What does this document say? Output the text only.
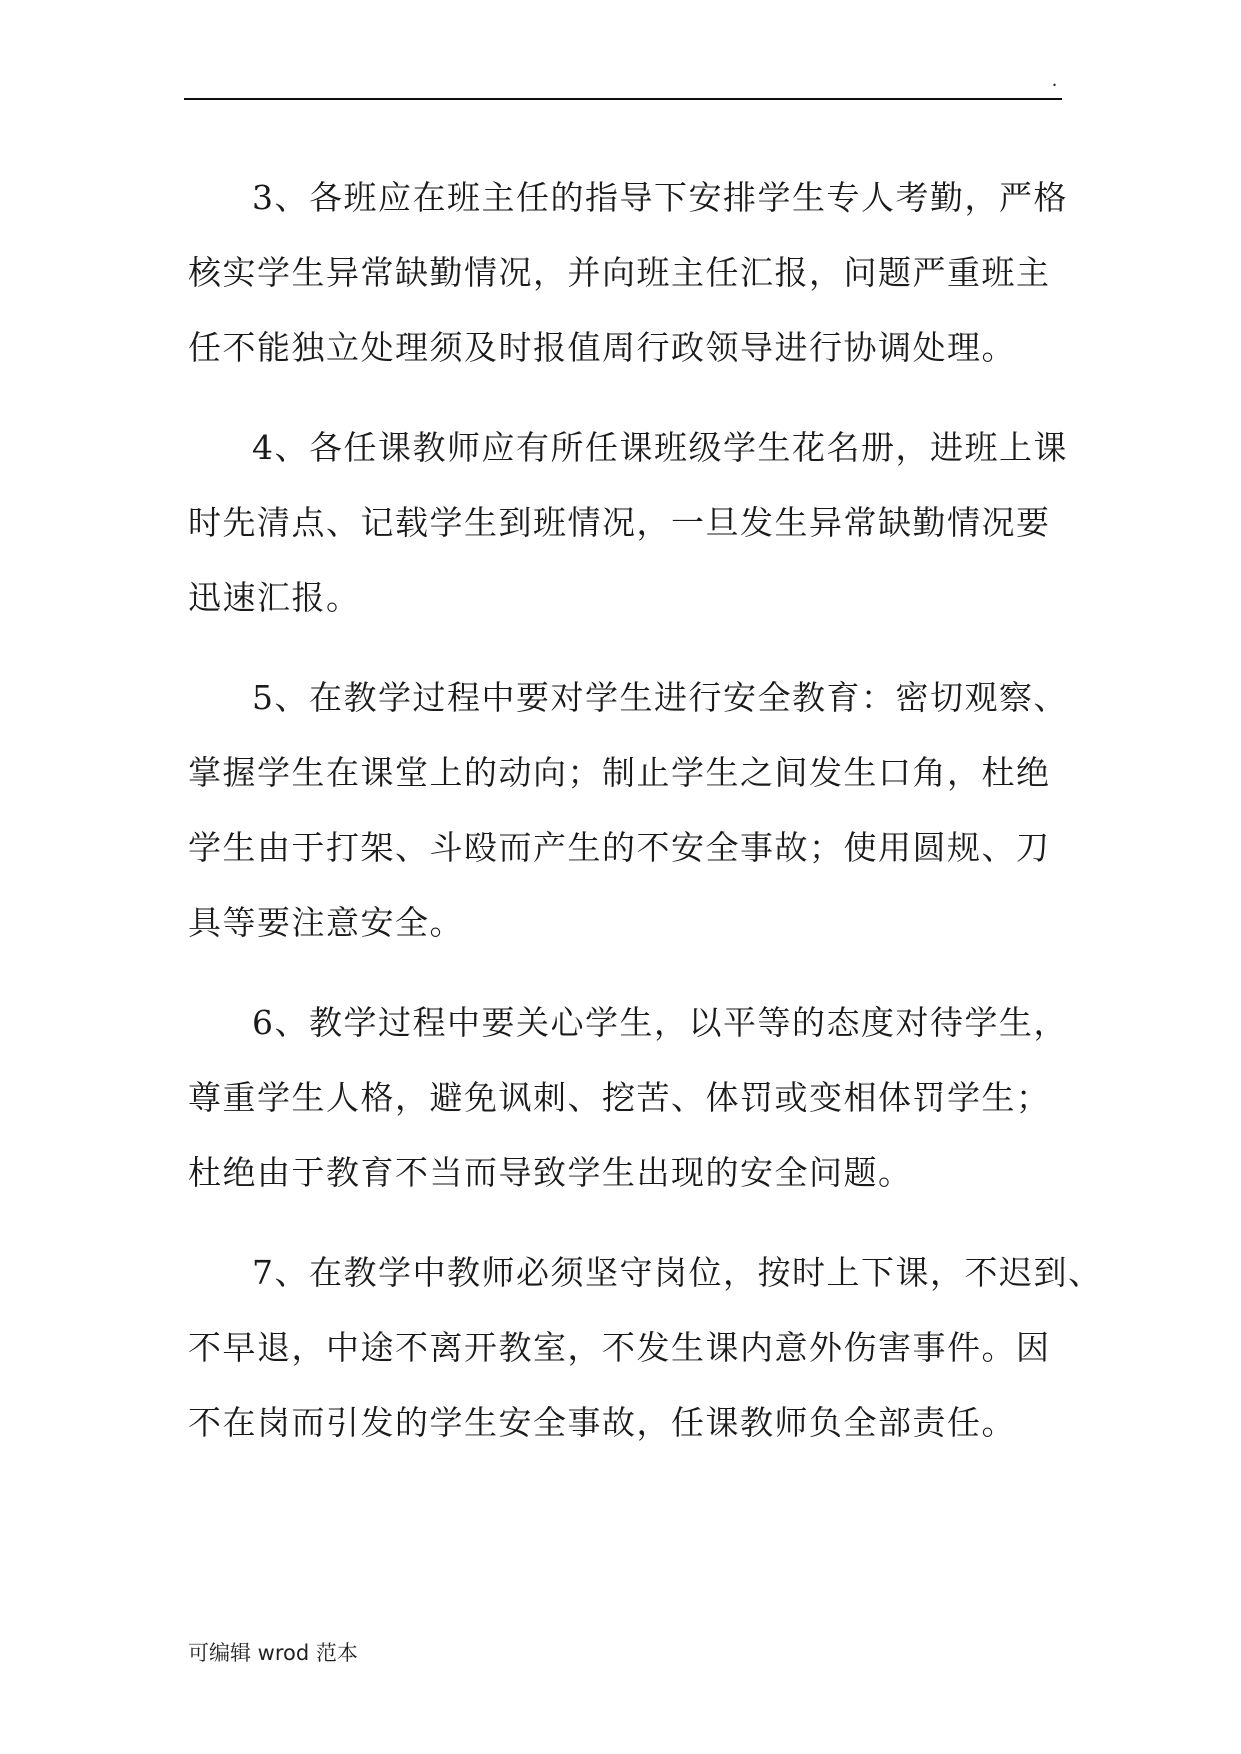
.
3、各班应在班主任的指导下安排学生专人考勤，严格
核实学生异常缺勤情况，并向班主任汇报，问题严重班主
任不能独立处理须及时报值周行政领导进行协调处理。
4、各任课教师应有所任课班级学生花名册，进班上课
时先清点、记载学生到班情况，一旦发生异常缺勤情况要
迅速汇报。
5、在教学过程中要对学生进行安全教育：密切观察、
掌握学生在课堂上的动向；制止学生之间发生口角，杜绝
学生由于打架、斗殴而产生的不安全事故；使用圆规、刀
具等要注意安全。
6、教学过程中要关心学生，以平等的态度对待学生，
尊重学生人格，避免讽刺、挖苦、体罚或变相体罚学生；
杜绝由于教育不当而导致学生出现的安全问题。
7、在教学中教师必须坚守岗位，按时上下课，不迟到、
不早退，中途不离开教室，不发生课内意外伤害事件。因
不在岗而引发的学生安全事故，任课教师负全部责任。
可编辑 wrod 范本
